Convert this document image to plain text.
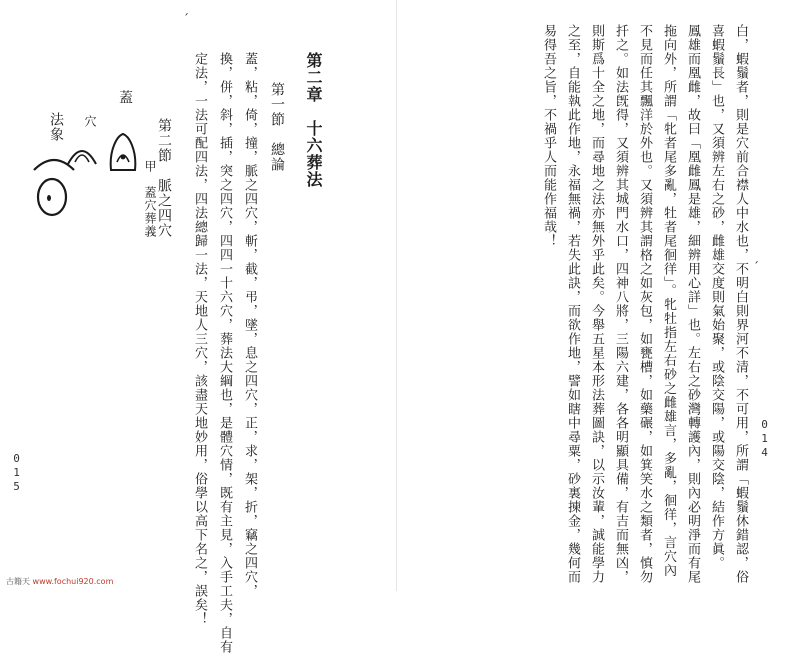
ˊ
第二章　十六葬法
第一節　總論
蓋，粘，倚，撞，脈之四穴，斬，截，弔，墜，息之四穴，正，求，架，折，竊之四穴，
換，併，斜，插，突之四穴，四四一十六穴，葬法大綱也，是體穴情，既有主見，入手工夫，自有
定法，一法可配四法，四法總歸一法，天地人三穴，該盡天地妙用，俗學以高下名之，誤矣！
第二節　脈之四穴
甲　蓋穴葬義
蓋
穴
法象
015	白，蝦鬚者，則是穴前合襟人中水也，不明白則界河不清，不可用，所謂「蝦鬚休錯認，俗
喜蝦鬚長」也，又須辨左右之砂，雌雄交度則氣始聚，或陰交陽，或陽交陰，結作方眞。
鳳雄而凰雌，故曰「凰雌鳳是雄，細辨用心詳」也。左右之砂灣轉護內，則內必明淨而有尾
拖向外，所謂「牝者尾多亂，牡者尾徊徉」。牝牡指左右砂之雌雄言，多亂，徊徉，言穴內
不見而任其飄洋於外也。又須辨其謂格之如灰包，如甕槽，如藥碾，如箕笑水之類者，慎勿
扦之。如法旣得，又須辨其城門水口，四神八將，三陽六建，各各明顯具備，有吉而無凶，
則斯爲十全之地，而尋地之法亦無外乎此矣。今舉五星本形法葬圖訣，以示汝輩，誠能學力
之至，自能執此作地，永福無禍，若失此訣，而欲作地，譬如瞎中尋粟，砂裏揀金，幾何而
易得吾之旨，不禍乎人而能作福哉！
014
ˊ
古籍天 www.fochui920.com
